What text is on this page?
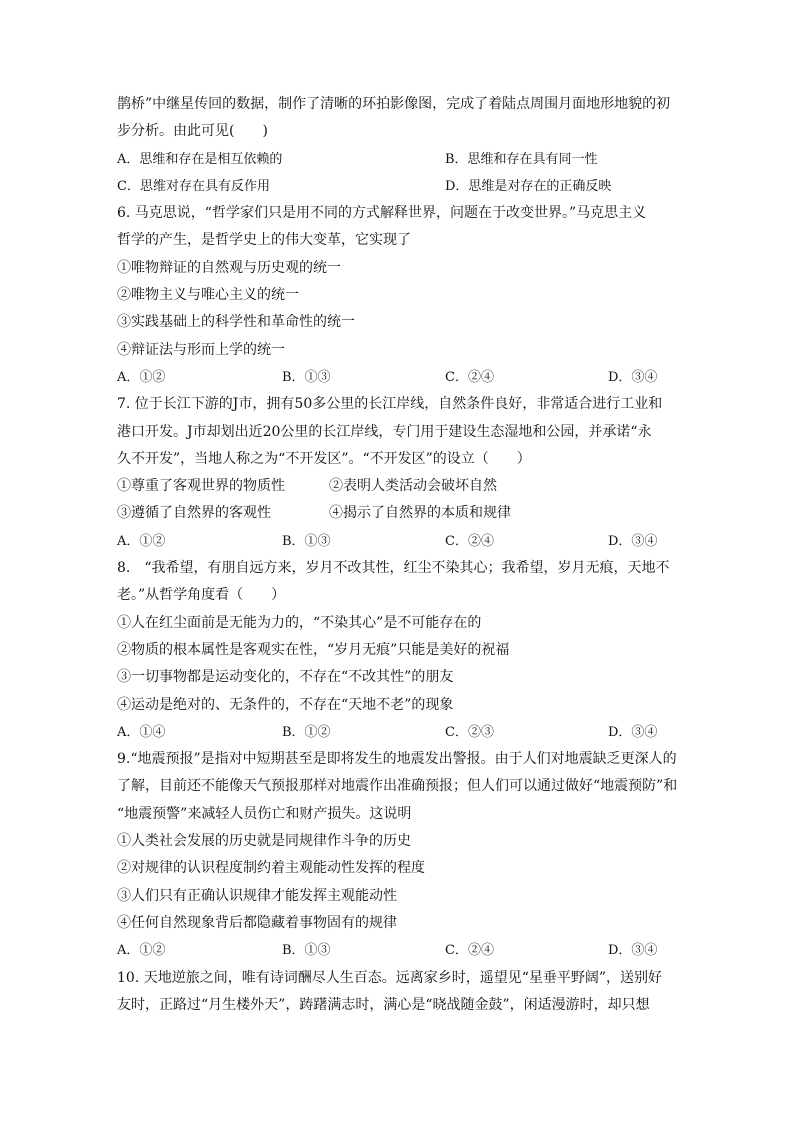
鹊桥”中继星传回的数据，制作了清晰的环拍影像图，完成了着陆点周围月面地形地貌的初
步分析。由此可见(　　)
A．思维和存在是相互依赖的	B．思维和存在具有同一性
C．思维对存在具有反作用	D．思维是对存在的正确反映
6. 马克思说，“哲学家们只是用不同的方式解释世界，问题在于改变世界。”马克思主义
哲学的产生，是哲学史上的伟大变革，它实现了
①唯物辩证的自然观与历史观的统一
②唯物主义与唯心主义的统一
③实践基础上的科学性和革命性的统一
④辩证法与形而上学的统一
A．①②	B．①③	C．②④	D．③④
7. 位于长江下游的J市，拥有50多公里的长江岸线，自然条件良好，非常适合进行工业和
港口开发。J市却划出近20公里的长江岸线，专门用于建设生态湿地和公园，并承诺“永
久不开发”，当地人称之为“不开发区”。“不开发区”的设立（　　）
①尊重了客观世界的物质性	②表明人类活动会破坏自然
③遵循了自然界的客观性	④揭示了自然界的本质和规律
A．①②	B．①③	C．②④	D．③④
8.　“我希望，有朋自远方来，岁月不改其性，红尘不染其心；我希望，岁月无痕，天地不
老。”从哲学角度看（　　）
①人在红尘面前是无能为力的，“不染其心”是不可能存在的
②物质的根本属性是客观实在性，“岁月无痕”只能是美好的祝福
③一切事物都是运动变化的，不存在“不改其性”的朋友
④运动是绝对的、无条件的，不存在“天地不老”的现象
A．①④	B．①②	C．②③	D．③④
9.“地震预报”是指对中短期甚至是即将发生的地震发出警报。由于人们对地震缺乏更深人的
了解，目前还不能像天气预报那样对地震作出准确预报；但人们可以通过做好“地震预防”和
“地震预警”来减轻人员伤亡和财产损失。这说明
①人类社会发展的历史就是同规律作斗争的历史
②对规律的认识程度制约着主观能动性发挥的程度
③人们只有正确认识规律才能发挥主观能动性
④任何自然现象背后都隐藏着事物固有的规律
A．①②	B．①③	C．②④	D．③④
10. 天地逆旅之间，唯有诗词酬尽人生百态。远离家乡时，遥望见“星垂平野阔”，送别好
友时，正路过“月生楼外天”，踌躇满志时，满心是“晓战随金鼓”，闲适漫游时，却只想
